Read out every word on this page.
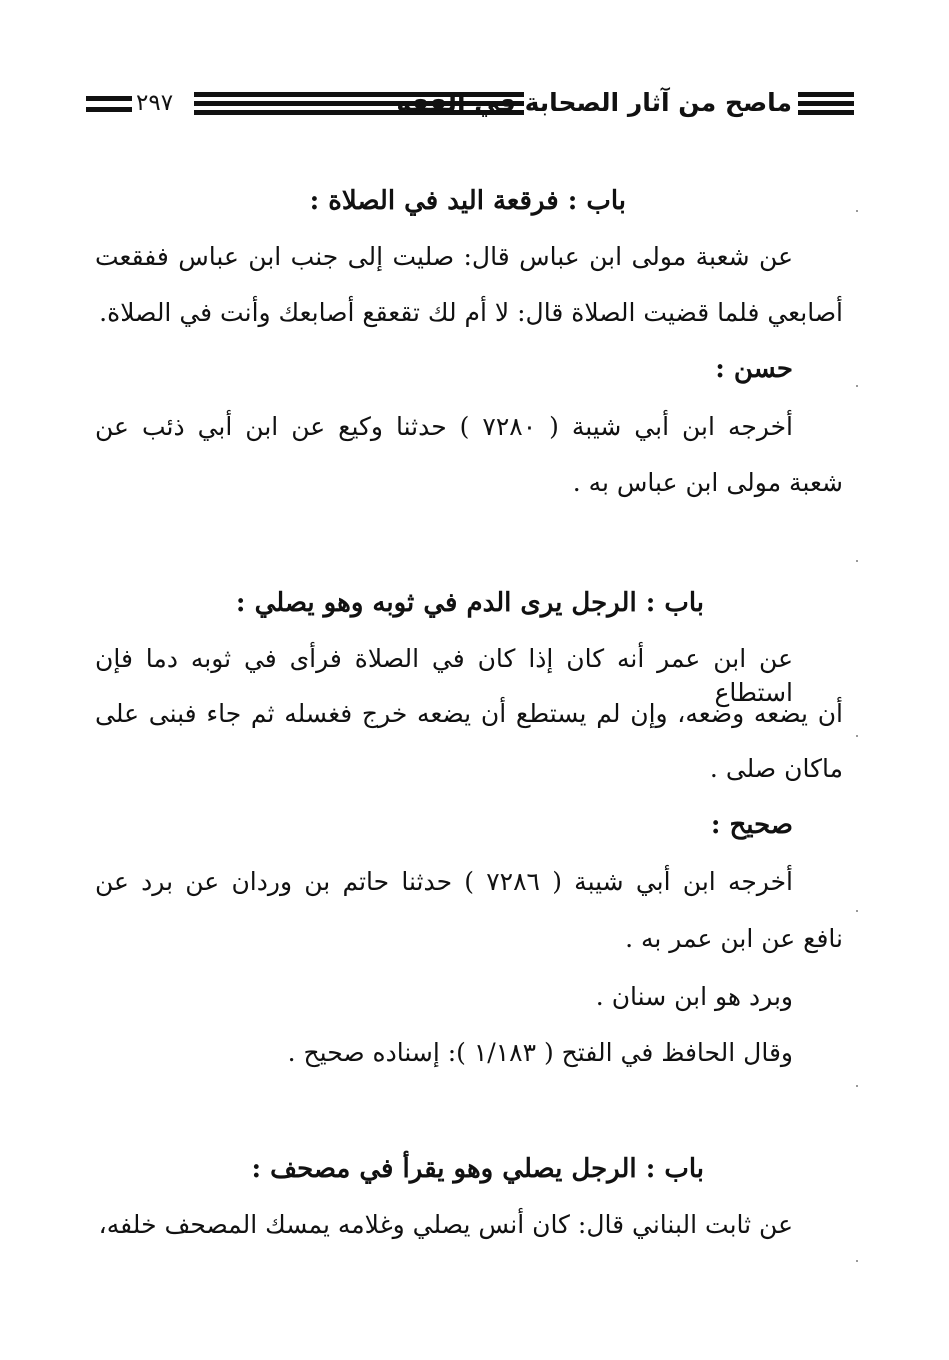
٢٩٧	ماصح من آثار الصحابة في الفقه
باب : فرقعة اليد في الصلاة :
عن شعبة مولى ابن عباس قال: صليت إلى جنب ابن عباس ففقعت
أصابعي فلما قضيت الصلاة قال: لا أم لك تقعقع أصابعك وأنت في الصلاة.
حسن :
أخرجه ابن أبي شيبة ( ٧٢٨٠ ) حدثنا وكيع عن ابن أبي ذئب عن
شعبة مولى ابن عباس به .
باب : الرجل يرى الدم في ثوبه وهو يصلي :
عن ابن عمر أنه كان إذا كان في الصلاة فرأى في ثوبه دما فإن استطاع
أن يضعه وضعه، وإن لم يستطع أن يضعه خرج فغسله ثم جاء فبنى على
ماكان صلى .
صحيح :
أخرجه ابن أبي شيبة ( ٧٢٨٦ ) حدثنا حاتم بن وردان عن برد عن
نافع عن ابن عمر به .
وبرد هو ابن سنان .
وقال الحافظ في الفتح ( ١/١٨٣ ): إسناده صحيح .
باب : الرجل يصلي وهو يقرأ في مصحف :
عن ثابت البناني قال: كان أنس يصلي وغلامه يمسك المصحف خلفه،
